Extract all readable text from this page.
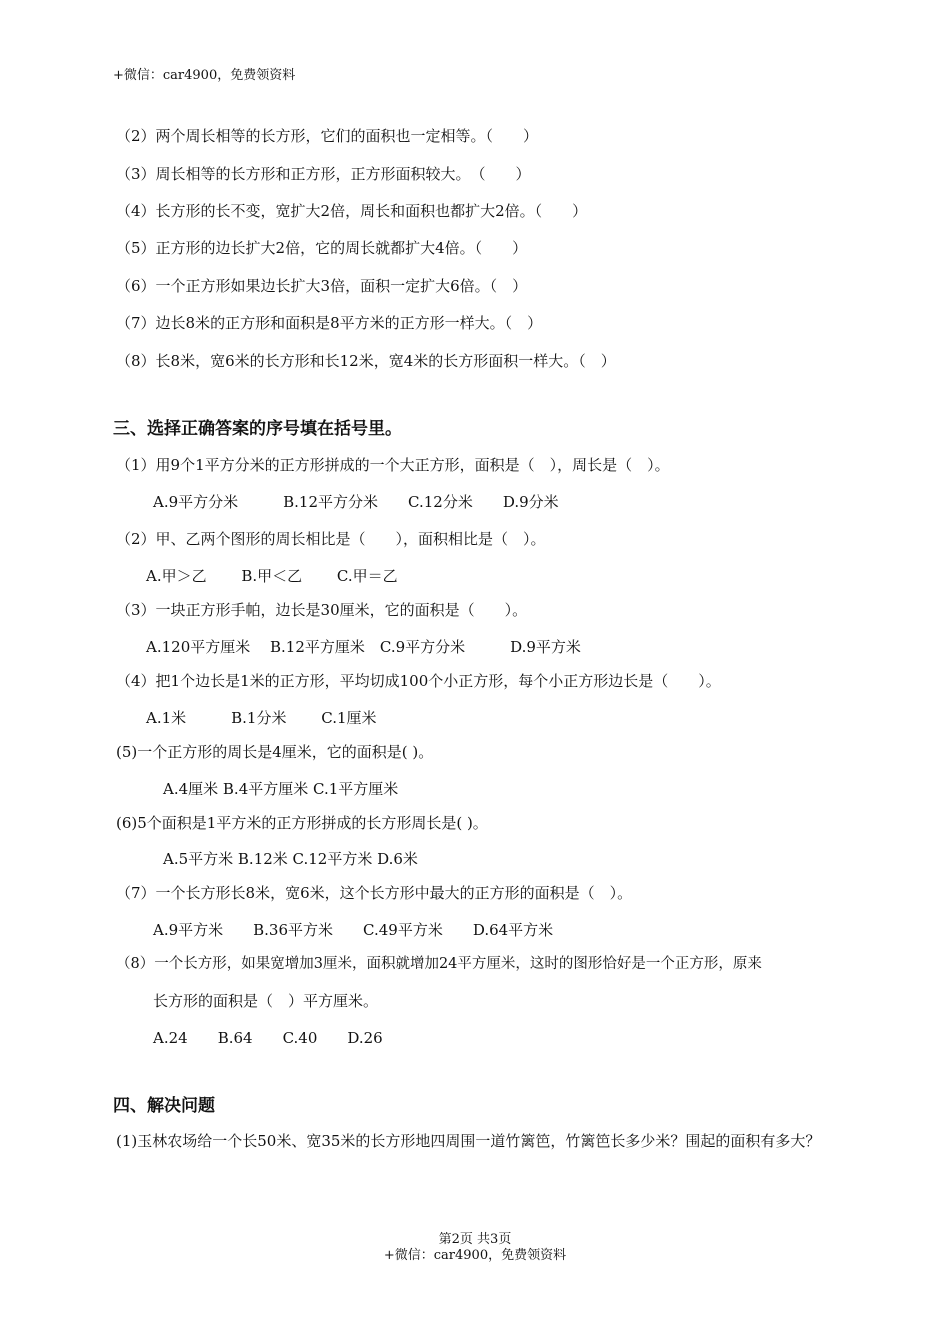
+微信：car4900，免费领资料
（2）两个周长相等的长方形，它们的面积也一定相等。（　　）
（3）周长相等的长方形和正方形，正方形面积较大。　（　　）
（4）长方形的长不变，宽扩大2倍，周长和面积也都扩大2倍。（　　）
（5）正方形的边长扩大2倍，它的周长就都扩大4倍。（　　）
（6）一个正方形如果边长扩大3倍，面积一定扩大6倍。（　）
（7）边长8米的正方形和面积是8平方米的正方形一样大。（　）
（8）长8米，宽6米的长方形和长12米，宽4米的长方形面积一样大。（　）
三、选择正确答案的序号填在括号里。
（1）用9个1平方分米的正方形拼成的一个大正方形，面积是（　），周长是（　）。
A.9平方分米　　　B.12平方分米　　C.12分米　　D.9分米
（2）甲、乙两个图形的周长相比是（　　），面积相比是（　）。
A.甲＞乙　　 B.甲＜乙　　 C.甲＝乙
（3）一块正方形手帕，边长是30厘米，它的面积是（　　）。
A.120平方厘米　 B.12平方厘米　C.9平方分米　　　D.9平方米
（4）把1个边长是1米的正方形，平均切成100个小正方形，每个小正方形边长是（　　）。
A.1米　　　B.1分米　　 C.1厘米
(5)一个正方形的周长是4厘米，它的面积是( )。
A.4厘米 B.4平方厘米 C.1平方厘米
(6)5个面积是1平方米的正方形拼成的长方形周长是( )。
A.5平方米 B.12米 C.12平方米 D.6米
（7）一个长方形长8米，宽6米，这个长方形中最大的正方形的面积是（　）。
A.9平方米　　B.36平方米　　C.49平方米　　D.64平方米
（8）一个长方形，如果宽增加3厘米，面积就增加24平方厘米，这时的图形恰好是一个正方形，原来
长方形的面积是（　）平方厘米。
A.24　　B.64　　C.40　　D.26
四、解决问题
(1)玉林农场给一个长50米、宽35米的长方形地四周围一道竹篱笆，竹篱笆长多少米？围起的面积有多大？
第2页 共3页
+微信：car4900，免费领资料
